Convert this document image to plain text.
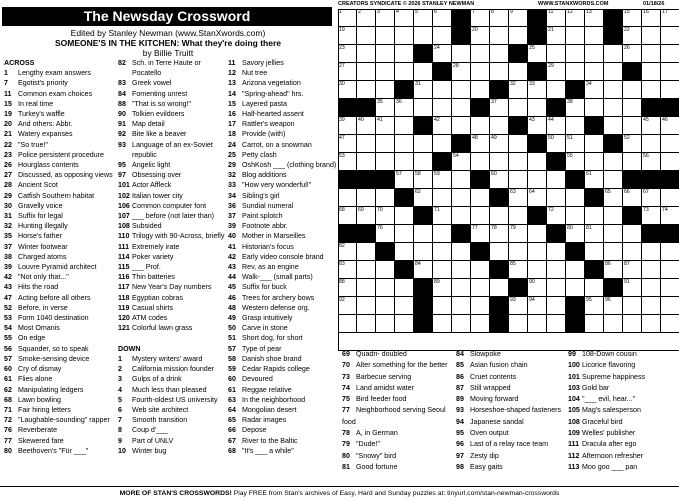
The Newsday Crossword
Edited by Stanley Newman (www.StanXwords.com)
SOMEONE'S IN THE KITCHEN: What they're doing there
by Billie Truitt
ACROSS
1 Lengthy exam answers
7 Egotist's priority
11 Common exam choices
15 In real time
19 Turkey's waffle
20 And others: Abbr.
21 Watery expanses
22 "So true!"
23 Police persistent procedure
26 Hourglass contents
27 Discussed, as opposing views
28 Ancient Scot
29 Catfish Southern habitat
30 Gravelly voice
31 Suffix for legal
32 Hunting illegally
35 Horse's father
37 Winter footwear
38 Charged atoms
39 Louvre Pyramid architect
42 "Not only that..."
43 Hits the road
47 Acting before all others
52 Before, in verse
53 Form 1040 destination
54 Most Omanis
55 On edge
56 Squander, so to speak
57 Smoke-sensing device
60 Cry of dismay
61 Flies alone
62 Manipulating ledgers
68 Lawn bowling
71 Fair hiring letters
72 "Laughable-sounding" rapper
76 Reverberate
77 Skewered fare
80 Beethoven's "Für ___"
82 Sch. in Terre Haute or
Pocatello
83 Greek vowel
84 Fomenting unrest
88 "That is so wrong!"
90 Tolkien evildoers
91 Map detail
92 Bite like a beaver
93 Language of an ex-Soviet
republic
95 Angelic light
97 Obsessing over
101 Actor Affleck
102 Italian tower city
106 Common computer font
107 ___ before (not later than)
108 Subsided
110 Trilogy with 90-Across, briefly
111 Extremely irate
114 Poker variety
115 ___ Prof.
116 Thin batteries
117 New Year's Day numbers
118 Egyptian cobras
119 Casual shirts
120 ATM codes
121 Colorful lawn grass

DOWN
1 Mystery writers' award
2 California mission founder
3 Gulps of a drink
4 Much less than pleased
5 Fourth-oldest US university
6 Web site architect
7 Smooth transition
8 Coup d'___
9 Part of UNLV
10 Winter bug
11 Savory jellies
12 Nut tree
13 Arizona vegetation
14 "Spring-ahead" hrs.
15 Layered pasta
16 Half-hearted assent
17 Rattler's weapon
18 Provide (with)
24 Carrot, on a snowman
25 Petty clash
29 OshKosh ___ (clothing brand)
32 Blog additions
33 "How very wonderful!"
34 Sibling's girl
36 Sundial numeral
37 Paint splotch
39 Footnote abbr.
40 Mother in Marseilles
41 Historian's focus
42 Early video console brand
43 Rev, as an engine
44 Walk-___ (small parts)
45 Suffix for buck
46 Trees for archery bows
48 Western defense org.
49 Grasp intuitively
50 Carve in stone
51 Short dog, for short
57 Type of pear
58 Danish shoe brand
59 Cedar Rapids college
60 Devoured
61 Reggae relative
63 In the neighborhood
64 Mongolian desert
65 Radar images
66 Depose
67 River to the Baltic
68 "It's ___ a while"
CREATORS SYNDICATE © 2026 STANLEY NEWMAN	WWW.STANXWORDS.COM	01/18/26
1	2	3	4	5	6	7	8	9	11	12	13	15	16	17
19	20	21	22
23	24	25	26
27	28	29
30	31	32	33	34
35	36	37	38
39	40	41	42	43	44	45	46
47	48	49	50	51	52
53	54	55	56
57	58	59	60	61
62	63	64	65	66	67
68	69	70	71	72	73	74
76	77	78	79	80	81
82
83	84	85	86	87
88	89	90	91
92	93	94	95	96
69 Quadri- doubled
70 Alter something for the better
73 Barbecue serving
74 Land amidst water
75 Bird feeder food
77 Neighborhood serving Seoul
food
78 A, in German
79 "Dude!"
80 "Snowy" bird
81 Good fortune
84 Slowpoke
85 Asian fusion chain
86 Cruet contents
87 Still wrapped
89 Moving forward
93 Horseshoe-shaped fasteners
94 Japanese sandal
95 Oven output
96 Last of a relay race team
97 Zesty dip
98 Easy gaits
99 108-Down cousin
100 Licorice flavoring
101 Supreme happiness
103 Gold bar
104 "___ evil, hear..."
105 Mag's salesperson
108 Graceful bird
109 Welles' publisher
111 Dracula after ego
112 Afternoon refresher
113 Moo goo ___ pan
MORE OF STAN'S CROSSWORDS! Play FREE from Stan's archives of Easy, Hard and Sunday puzzles at: tinyurl.com/stan-newman-crosswords
